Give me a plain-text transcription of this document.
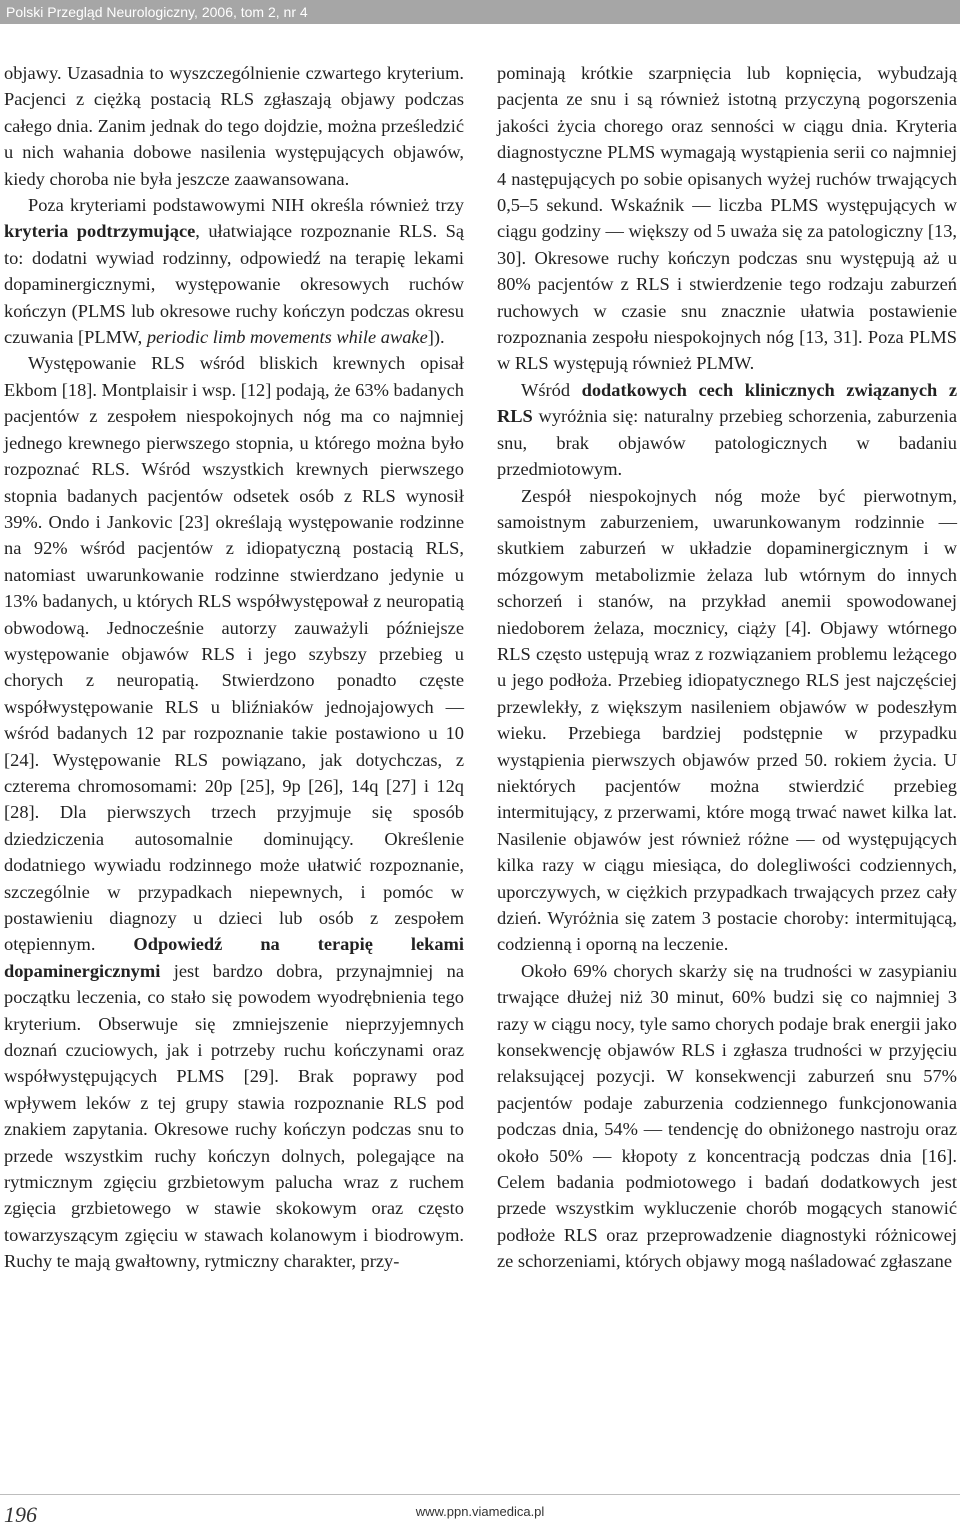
Polski Przegląd Neurologiczny, 2006, tom 2, nr 4

objawy. Uzasadnia to wyszczególnienie czwartego kryterium. Pacjenci z ciężką postacią RLS zgłaszają objawy podczas całego dnia. Zanim jednak do tego dojdzie, można prześledzić u nich wahania dobowe nasilenia występujących objawów, kiedy choroba nie była jeszcze zaawansowana.

Poza kryteriami podstawowymi NIH określa również trzy kryteria podtrzymujące, ułatwiające rozpoznanie RLS. Są to: dodatni wywiad rodzinny, odpowiedź na terapię lekami dopaminergicznymi, występowanie okresowych ruchów kończyn (PLMS lub okresowe ruchy kończyn podczas okresu czuwania [PLMW, periodic limb movements while awake]).

Występowanie RLS wśród bliskich krewnych opisał Ekbom [18]. Montplaisir i wsp. [12] podają, że 63% badanych pacjentów z zespołem niespokojnych nóg ma co najmniej jednego krewnego pierwszego stopnia, u którego można było rozpoznać RLS. Wśród wszystkich krewnych pierwszego stopnia badanych pacjentów odsetek osób z RLS wynosił 39%. Ondo i Jankovic [23] określają występowanie rodzinne na 92% wśród pacjentów z idiopatyczną postacią RLS, natomiast uwarunkowanie rodzinne stwierdzano jedynie u 13% badanych, u których RLS współwystępował z neuropatią obwodową. Jednocześnie autorzy zauważyli późniejsze występowanie objawów RLS i jego szybszy przebieg u chorych z neuropatią. Stwierdzono ponadto częste współwystępowanie RLS u bliźniaków jednojajowych — wśród badanych 12 par rozpoznanie takie postawiono u 10 [24]. Występowanie RLS powiązano, jak dotychczas, z czterema chromosomami: 20p [25], 9p [26], 14q [27] i 12q [28]. Dla pierwszych trzech przyjmuje się sposób dziedziczenia autosomalnie dominujący. Określenie dodatniego wywiadu rodzinnego może ułatwić rozpoznanie, szczególnie w przypadkach niepewnych, i pomóc w postawieniu diagnozy u dzieci lub osób z zespołem otępiennym. Odpowiedź na terapię lekami dopaminergicznymi jest bardzo dobra, przynajmniej na początku leczenia, co stało się powodem wyodrębnienia tego kryterium. Obserwuje się zmniejszenie nieprzyjemnych doznań czuciowych, jak i potrzeby ruchu kończynami oraz współwystępujących PLMS [29]. Brak poprawy pod wpływem leków z tej grupy stawia rozpoznanie RLS pod znakiem zapytania. Okresowe ruchy kończyn podczas snu to przede wszystkim ruchy kończyn dolnych, polegające na rytmicznym zgięciu grzbietowym palucha wraz z ruchem zgięcia grzbietowego w stawie skokowym oraz często towarzyszącym zgięciu w stawach kolanowym i biodrowym. Ruchy te mają gwałtowny, rytmiczny charakter, przy-

pominają krótkie szarpnięcia lub kopnięcia, wybudzają pacjenta ze snu i są również istotną przyczyną pogorszenia jakości życia chorego oraz senności w ciągu dnia. Kryteria diagnostyczne PLMS wymagają wystąpienia serii co najmniej 4 następujących po sobie opisanych wyżej ruchów trwających 0,5–5 sekund. Wskaźnik — liczba PLMS występujących w ciągu godziny — większy od 5 uważa się za patologiczny [13, 30]. Okresowe ruchy kończyn podczas snu występują aż u 80% pacjentów z RLS i stwierdzenie tego rodzaju zaburzeń ruchowych w czasie snu znacznie ułatwia postawienie rozpoznania zespołu niespokojnych nóg [13, 31]. Poza PLMS w RLS występują również PLMW.

Wśród dodatkowych cech klinicznych związanych z RLS wyróżnia się: naturalny przebieg schorzenia, zaburzenia snu, brak objawów patologicznych w badaniu przedmiotowym.

Zespół niespokojnych nóg może być pierwotnym, samoistnym zaburzeniem, uwarunkowanym rodzinnie — skutkiem zaburzeń w układzie dopaminergicznym i w mózgowym metabolizmie żelaza lub wtórnym do innych schorzeń i stanów, na przykład anemii spowodowanej niedoborem żelaza, mocznicy, ciąży [4]. Objawy wtórnego RLS często ustępują wraz z rozwiązaniem problemu leżącego u jego podłoża. Przebieg idiopatycznego RLS jest najczęściej przewlekły, z większym nasileniem objawów w podeszłym wieku. Przebiega bardziej podstępnie w przypadku wystąpienia pierwszych objawów przed 50. rokiem życia. U niektórych pacjentów można stwierdzić przebieg intermitujący, z przerwami, które mogą trwać nawet kilka lat. Nasilenie objawów jest również różne — od występujących kilka razy w ciągu miesiąca, do dolegliwości codziennych, uporczywych, w ciężkich przypadkach trwających przez cały dzień. Wyróżnia się zatem 3 postacie choroby: intermitującą, codzienną i oporną na leczenie.

Około 69% chorych skarży się na trudności w zasypianiu trwające dłużej niż 30 minut, 60% budzi się co najmniej 3 razy w ciągu nocy, tyle samo chorych podaje brak energii jako konsekwencję objawów RLS i zgłasza trudności w przyjęciu relaksującej pozycji. W konsekwencji zaburzeń snu 57% pacjentów podaje zaburzenia codziennego funkcjonowania podczas dnia, 54% — tendencję do obniżonego nastroju oraz około 50% — kłopoty z koncentracją podczas dnia [16]. Celem badania podmiotowego i badań dodatkowych jest przede wszystkim wykluczenie chorób mogących stanowić podłoże RLS oraz przeprowadzenie diagnostyki różnicowej ze schorzeniami, których objawy mogą naśladować zgłaszane

196	www.ppn.viamedica.pl
